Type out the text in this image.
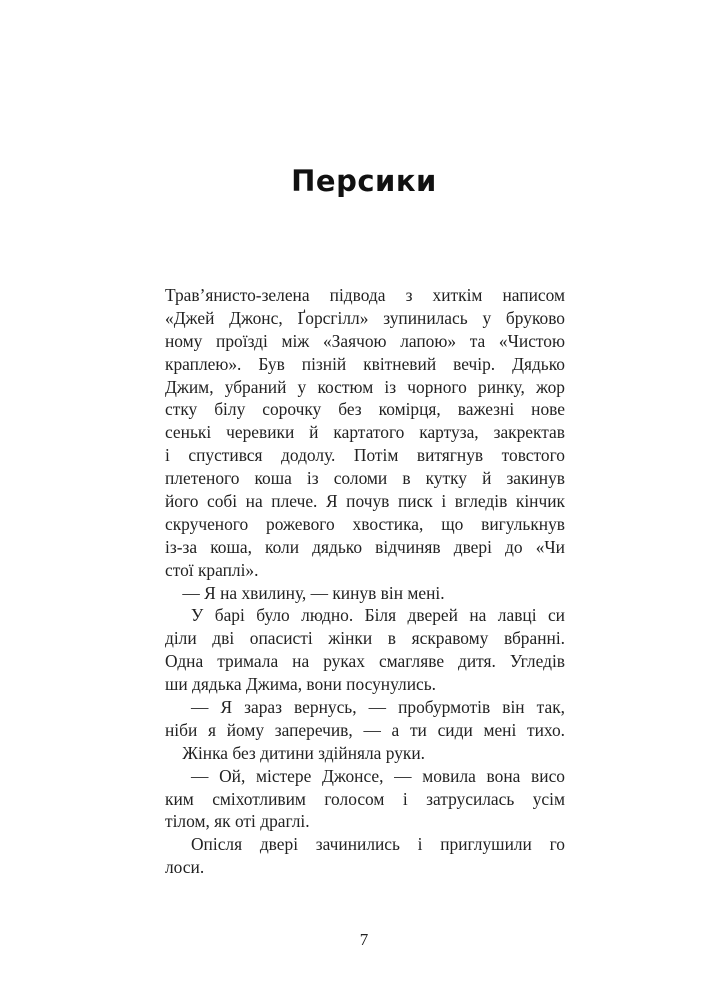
Персики
Трав’янисто-зелена підвода з хиткім написом
«Джей Джонс, Ґорсгілл» зупинилась у бруково
ному проїзді між «Заячою лапою» та «Чистою
краплею». Був пізній квітневий вечір. Дядько
Джим, убраний у костюм із чорного ринку, жор
стку білу сорочку без комірця, важезні нове
сенькі черевики й картатого картуза, закректав
і спустився додолу. Потім витягнув товстого
плетеного коша із соломи в кутку й закинув
його собі на плече. Я почув писк і вгледів кінчик
скрученого рожевого хвостика, що вигулькнув
із-за коша, коли дядько відчиняв двері до «Чи
стої краплі».
— Я на хвилину, — кинув він мені.
У барі було людно. Біля дверей на лавці си
діли дві опасисті жінки в яскравому вбранні.
Одна тримала на руках смагляве дитя. Угледів
ши дядька Джима, вони посунулись.
— Я зараз вернусь, — пробурмотів він так,
ніби я йому заперечив, — а ти сиди мені тихо.
Жінка без дитини здійняла руки.
— Ой, містере Джонсе, — мовила вона висо
ким сміхотливим голосом і затрусилась усім
тілом, як оті драглі.
Опісля двері зачинились і приглушили го
лоси.
7
